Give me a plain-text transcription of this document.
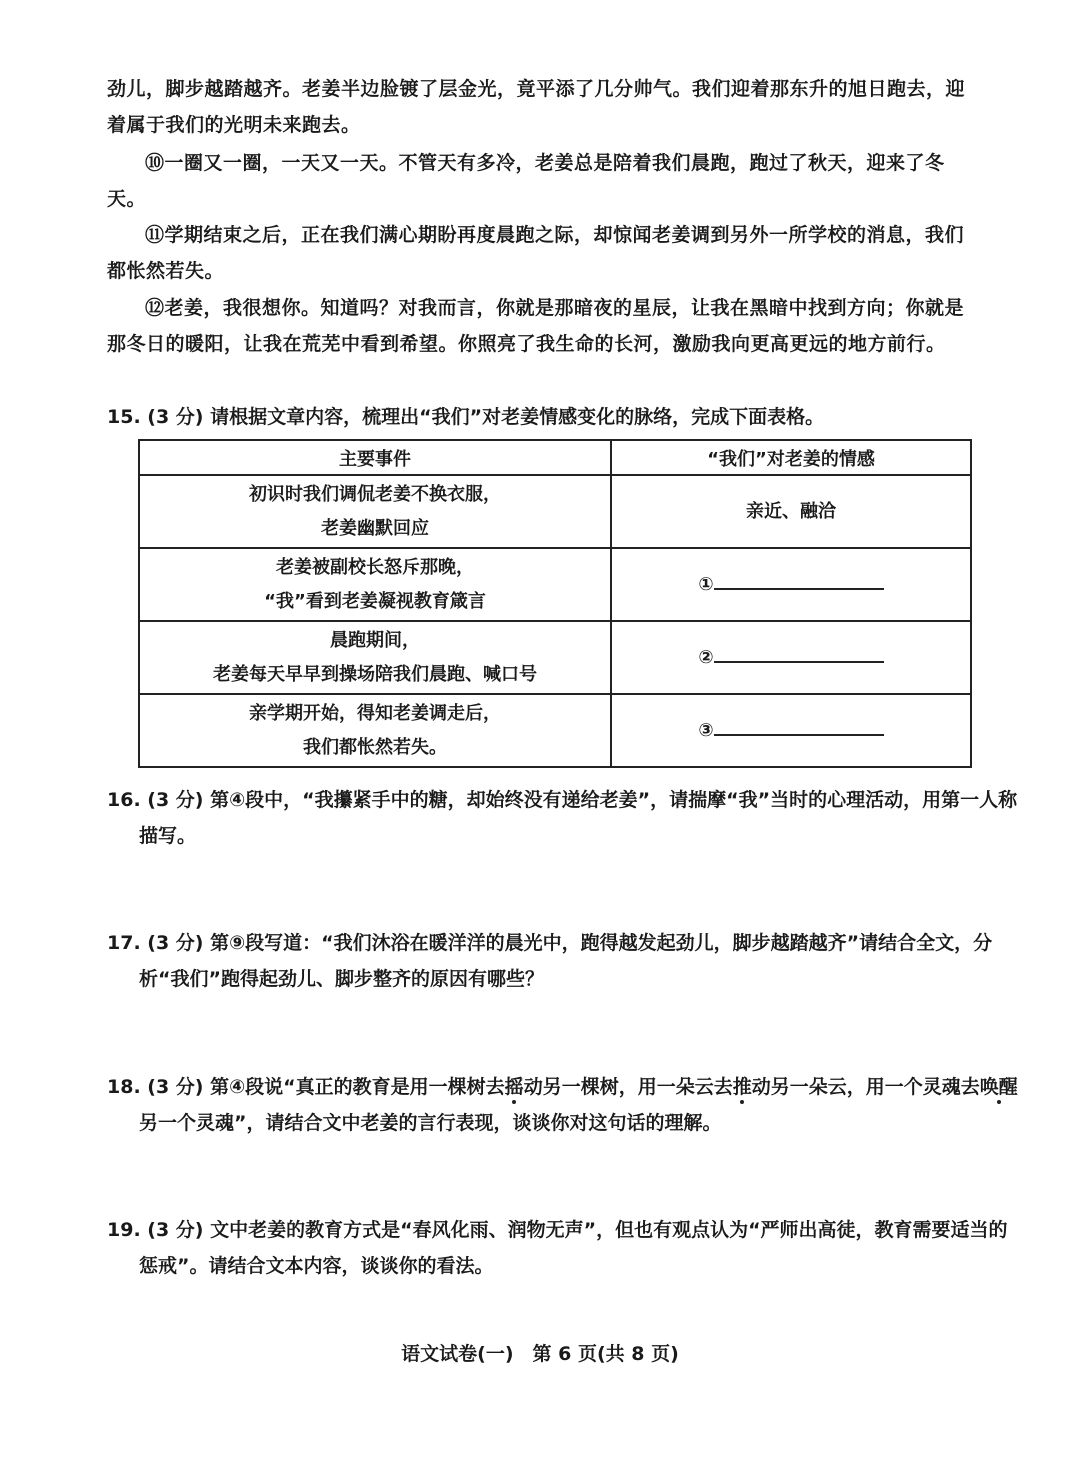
劲儿，脚步越踏越齐。老姜半边脸镀了层金光，竟平添了几分帅气。我们迎着那东升的旭日跑去，迎着属于我们的光明未来跑去。

⑩一圈又一圈，一天又一天。不管天有多冷，老姜总是陪着我们晨跑，跑过了秋天，迎来了冬天。

⑪学期结束之后，正在我们满心期盼再度晨跑之际，却惊闻老姜调到另外一所学校的消息，我们都怅然若失。

⑫老姜，我很想你。知道吗？对我而言，你就是那暗夜的星辰，让我在黑暗中找到方向；你就是那冬日的暖阳，让我在荒芜中看到希望。你照亮了我生命的长河，激励我向更高更远的地方前行。

15. (3 分) 请根据文章内容，梳理出“我们”对老姜情感变化的脉络，完成下面表格。

主要事件	“我们”对老姜的情感

初识时我们调侃老姜不换衣服，
老姜幽默回应	亲近、融洽

老姜被副校长怒斥那晚，
“我”看到老姜凝视教育箴言	①

晨跑期间，
老姜每天早早到操场陪我们晨跑、喊口号	②

亲学期开始，得知老姜调走后，
我们都怅然若失。	③

16. (3 分) 第④段中，“我攥紧手中的糖，却始终没有递给老姜”，请揣摩“我”当时的心理活动，用第一人称描写。

17. (3 分) 第⑨段写道：“我们沐浴在暖洋洋的晨光中，跑得越发起劲儿，脚步越踏越齐”请结合全文，分析“我们”跑得起劲儿、脚步整齐的原因有哪些？

18. (3 分) 第④段说“真正的教育是用一棵树去摇动另一棵树，用一朵云去推动另一朵云，用一个灵魂去唤醒另一个灵魂”，请结合文中老姜的言行表现，谈谈你对这句话的理解。

19. (3 分) 文中老姜的教育方式是“春风化雨、润物无声”，但也有观点认为“严师出高徒，教育需要适当的惩戒”。请结合文本内容，谈谈你的看法。

语文试卷(一)　第 6 页(共 8 页)
